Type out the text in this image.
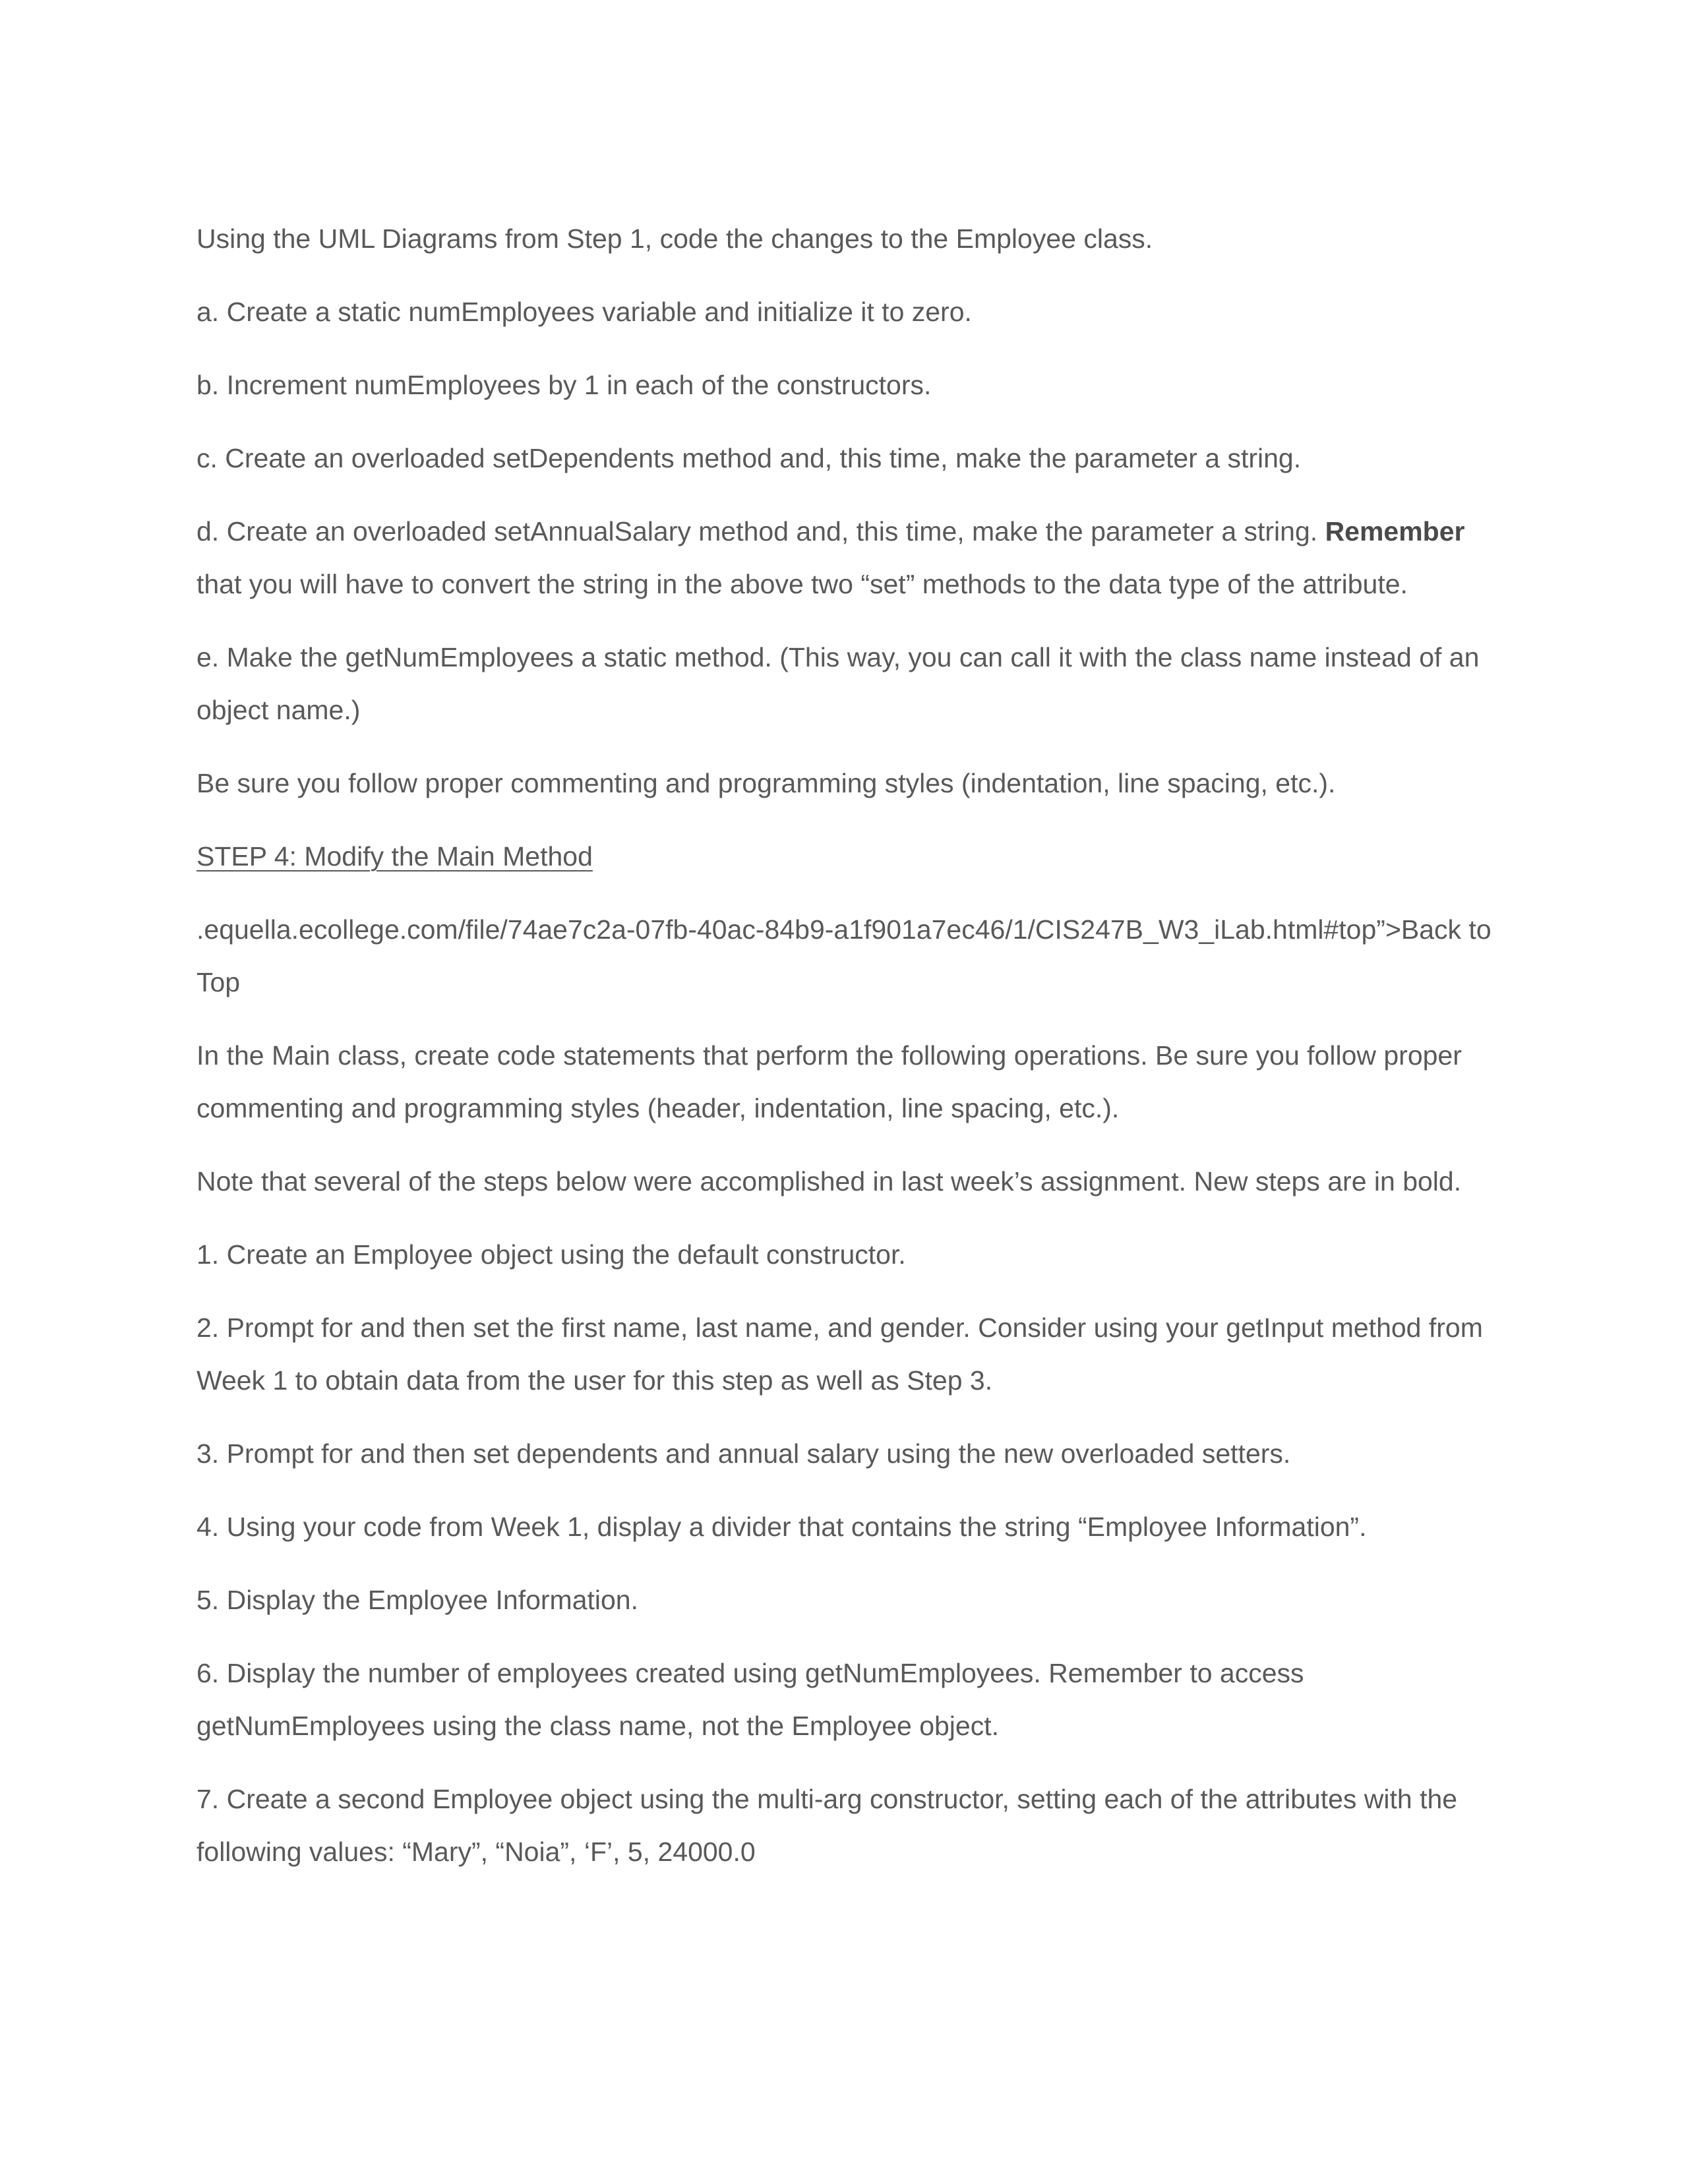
Using the UML Diagrams from Step 1, code the changes to the Employee class.

a. Create a static numEmployees variable and initialize it to zero.

b. Increment numEmployees by 1 in each of the constructors.

c. Create an overloaded setDependents method and, this time, make the parameter a string.

d. Create an overloaded setAnnualSalary method and, this time, make the parameter a string. Remember that you will have to convert the string in the above two “set” methods to the data type of the attribute.

e. Make the getNumEmployees a static method. (This way, you can call it with the class name instead of an object name.)

Be sure you follow proper commenting and programming styles (indentation, line spacing, etc.).

STEP 4: Modify the Main Method

.equella.ecollege.com/file/74ae7c2a-07fb-40ac-84b9-a1f901a7ec46/1/CIS247B_W3_iLab.html#top”>Back to Top

In the Main class, create code statements that perform the following operations. Be sure you follow proper commenting and programming styles (header, indentation, line spacing, etc.).

Note that several of the steps below were accomplished in last week’s assignment. New steps are in bold.

1. Create an Employee object using the default constructor.

2. Prompt for and then set the first name, last name, and gender. Consider using your getInput method from Week 1 to obtain data from the user for this step as well as Step 3.

3. Prompt for and then set dependents and annual salary using the new overloaded setters.

4. Using your code from Week 1, display a divider that contains the string “Employee Information”.

5. Display the Employee Information.

6. Display the number of employees created using getNumEmployees. Remember to access getNumEmployees using the class name, not the Employee object.

7. Create a second Employee object using the multi-arg constructor, setting each of the attributes with the following values: “Mary”, “Noia”, ‘F’, 5, 24000.0
